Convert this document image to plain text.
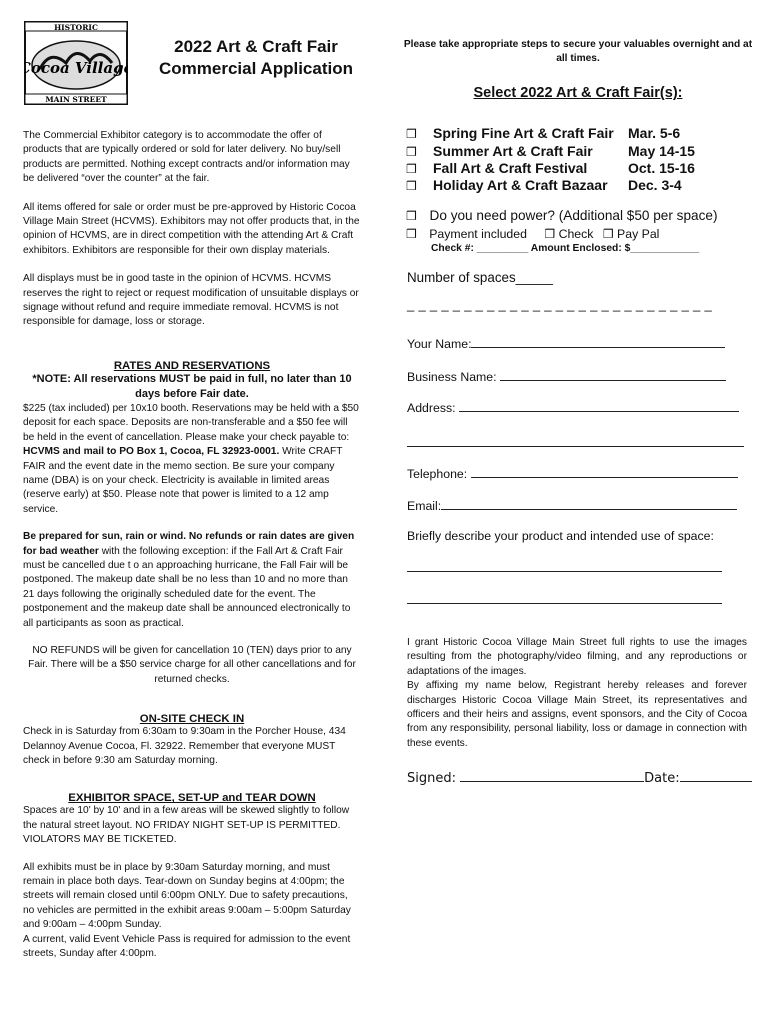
HISTORIC
Cocoa Village
MAIN STREET
2022 Art & Craft Fair
Commercial Application

The Commercial Exhibitor category is to accommodate the offer of products that are typically ordered or sold for later delivery. No buy/sell products are permitted. Nothing except contracts and/or information may be delivered “over the counter” at the fair.

All items offered for sale or order must be pre-approved by Historic Cocoa Village Main Street (HCVMS). Exhibitors may not offer products that, in the opinion of HCVMS, are in direct competition with the attending Art & Craft exhibitors. Exhibitors are responsible for their own display materials.

All displays must be in good taste in the opinion of HCVMS. HCVMS reserves the right to reject or request modification of unsuitable displays or signage without refund and require immediate removal. HCVMS is not responsible for damage, loss or storage.

RATES AND RESERVATIONS

*NOTE: All reservations MUST be paid in full, no later than 10 days before Fair date.

$225 (tax included) per 10x10 booth. Reservations may be held with a $50 deposit for each space. Deposits are non-transferable and a $50 fee will be held in the event of cancellation. Please make your check payable to: HCVMS and mail to PO Box 1, Cocoa, FL 32923-0001. Write CRAFT FAIR and the event date in the memo section. Be sure your company name (DBA) is on your check. Electricity is available in limited areas (reserve early) at $50. Please note that power is limited to a 12 amp service.

Be prepared for sun, rain or wind. No refunds or rain dates are given for bad weather with the following exception: if the Fall Art & Craft Fair must be cancelled due t o an approaching hurricane, the Fall Fair will be postponed. The makeup date shall be no less than 10 and no more than 21 days following the originally scheduled date for the event. The postponement and the makeup date shall be announced electronically to all participants as soon as practical.

NO REFUNDS will be given for cancellation 10 (TEN) days prior to any Fair. There will be a $50 service charge for all other cancellations and for returned checks.

ON-SITE CHECK IN

Check in is Saturday from 6:30am to 9:30am in the Porcher House, 434 Delannoy Avenue Cocoa, Fl. 32922. Remember that everyone MUST check in before 9:30 am Saturday morning.

EXHIBITOR SPACE, SET-UP and TEAR DOWN

Spaces are 10' by 10' and in a few areas will be skewed slightly to follow the natural street layout. NO FRIDAY NIGHT SET-UP IS PERMITTED. VIOLATORS MAY BE TICKETED.

All exhibits must be in place by 9:30am Saturday morning, and must remain in place both days. Tear-down on Sunday begins at 4:00pm; the streets will remain closed until 6:00pm ONLY. Due to safety precautions, no vehicles are permitted in the exhibit areas 9:00am – 5:00pm Saturday and 9:00am – 4:00pm Sunday.

A current, valid Event Vehicle Pass is required for admission to the event streets, Sunday after 4:00pm.

Please take appropriate steps to secure your valuables overnight and at all times.
Select 2022 Art & Craft Fair(s):
❒ Spring Fine Art & Craft Fair Mar. 5-6
❒ Summer Art & Craft Fair	May 14-15
❒ Fall Art & Craft Festival	Oct. 15-16
❒ Holiday Art & Craft Bazaar Dec. 3-4
❒ Do you need power? (Additional $50 per space)
❒ Payment included ❒ Check ❒ Pay Pal
Check #: _________ Amount Enclosed: $____________
Number of spaces_____
_ _ _ _ _ _ _ _ _ _ _ _ _ _ _ _ _ _ _ _ _ _ _ _ _ _ _
Your Name:
Business Name:
Address:
Telephone:
Email:
Briefly describe your product and intended use of space:

I grant Historic Cocoa Village Main Street full rights to use the images resulting from the photography/video filming, and any reproductions or adaptations of the images.

By affixing my name below, Registrant hereby releases and forever discharges Historic Cocoa Village Main Street, its representatives and officers and their heirs and assigns, event sponsors, and the City of Cocoa from any responsibility, personal liability, loss or damage in connection with these events.

Signed:	Date:
